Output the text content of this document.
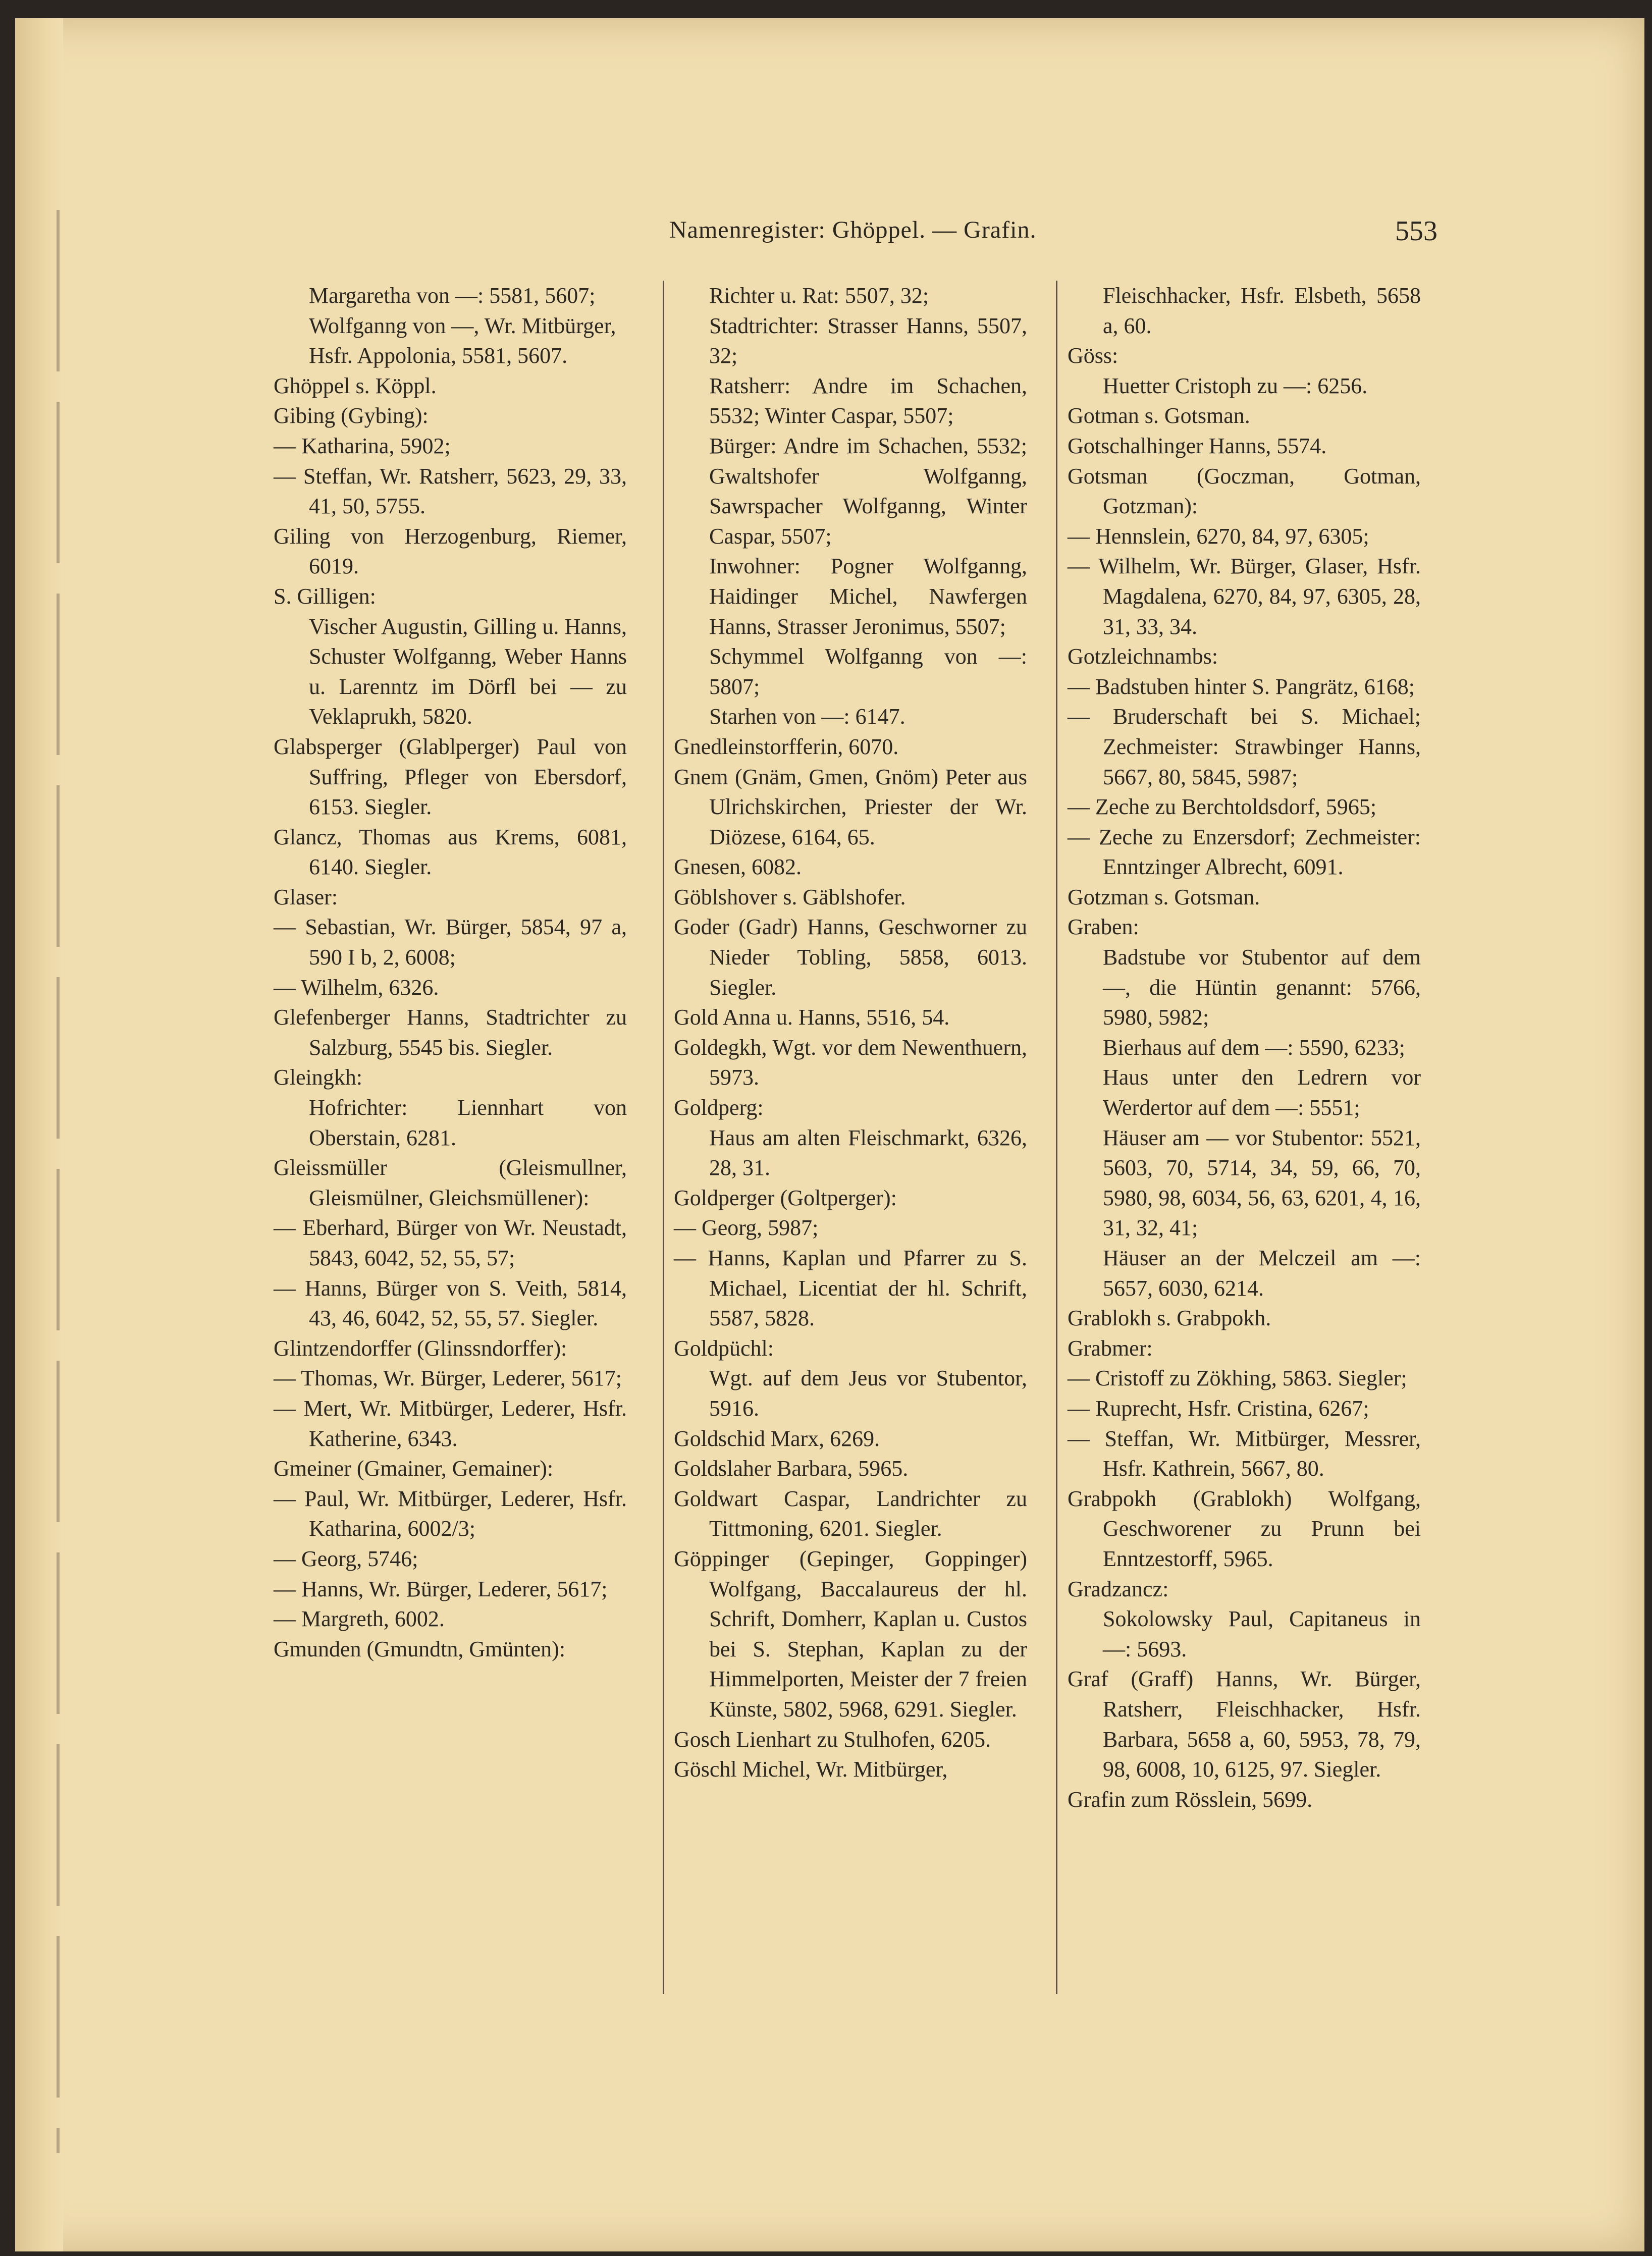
Namenregister: Ghöppel. — Grafin.	553
Margaretha von —: 5581, 5607;
Wolfganng von —, Wr. Mitbürger,
Hsfr. Appolonia, 5581, 5607.
Ghöppel s. Köppl.
Gibing (Gybing):
— Katharina, 5902;
— Steffan, Wr. Ratsherr, 5623, 29, 33, 41, 50, 5755.
Giling von Herzogenburg, Riemer, 6019.
S. Gilligen:
Vischer Augustin, Gilling u. Hanns, Schuster Wolfganng, Weber Hanns u. Larenntz im Dörfl bei — zu Veklaprukh, 5820.
Glabsperger (Glablperger) Paul von Suffring, Pfleger von Ebersdorf, 6153. Siegler.
Glancz, Thomas aus Krems, 6081, 6140. Siegler.
Glaser:
— Sebastian, Wr. Bürger, 5854, 97 a, 590 I b, 2, 6008;
— Wilhelm, 6326.
Glefenberger Hanns, Stadtrichter zu Salzburg, 5545 bis. Siegler.
Gleingkh:
Hofrichter: Liennhart von Oberstain, 6281.
Gleissmüller (Gleismullner, Gleismülner, Gleichsmüllener):
— Eberhard, Bürger von Wr. Neustadt, 5843, 6042, 52, 55, 57;
— Hanns, Bürger von S. Veith, 5814, 43, 46, 6042, 52, 55, 57. Siegler.
Glintzendorffer (Glinssndorffer):
— Thomas, Wr. Bürger, Lederer, 5617;
— Mert, Wr. Mitbürger, Lederer, Hsfr. Katherine, 6343.
Gmeiner (Gmainer, Gemainer):
— Paul, Wr. Mitbürger, Lederer, Hsfr. Katharina, 6002/3;
— Georg, 5746;
— Hanns, Wr. Bürger, Lederer, 5617;
— Margreth, 6002.
Gmunden (Gmundtn, Gmünten):
Richter u. Rat: 5507, 32;
Stadtrichter: Strasser Hanns, 5507, 32;
Ratsherr: Andre im Schachen, 5532; Winter Caspar, 5507;
Bürger: Andre im Schachen, 5532; Gwaltshofer Wolfganng, Sawrspacher Wolfganng, Winter Caspar, 5507;
Inwohner: Pogner Wolfganng, Haidinger Michel, Nawfergen Hanns, Strasser Jeronimus, 5507;
Schymmel Wolfganng von —: 5807;
Starhen von —: 6147.
Gnedleinstorfferin, 6070.
Gnem (Gnäm, Gmen, Gnöm) Peter aus Ulrichskirchen, Priester der Wr. Diözese, 6164, 65.
Gnesen, 6082.
Göblshover s. Gäblshofer.
Goder (Gadr) Hanns, Geschworner zu Nieder Tobling, 5858, 6013. Siegler.
Gold Anna u. Hanns, 5516, 54.
Goldegkh, Wgt. vor dem Newenthuern, 5973.
Goldperg:
Haus am alten Fleischmarkt, 6326, 28, 31.
Goldperger (Goltperger):
— Georg, 5987;
— Hanns, Kaplan und Pfarrer zu S. Michael, Licentiat der hl. Schrift, 5587, 5828.
Goldpüchl:
Wgt. auf dem Jeus vor Stubentor, 5916.
Goldschid Marx, 6269.
Goldslaher Barbara, 5965.
Goldwart Caspar, Landrichter zu Tittmoning, 6201. Siegler.
Göppinger (Gepinger, Goppinger) Wolfgang, Baccalaureus der hl. Schrift, Domherr, Kaplan u. Custos bei S. Stephan, Kaplan zu der Himmelporten, Meister der 7 freien Künste, 5802, 5968, 6291. Siegler.
Gosch Lienhart zu Stulhofen, 6205.
Göschl Michel, Wr. Mitbürger,
Fleischhacker, Hsfr. Elsbeth, 5658 a, 60.
Göss:
Huetter Cristoph zu —: 6256.
Gotman s. Gotsman.
Gotschalhinger Hanns, 5574.
Gotsman (Goczman, Gotman, Gotzman):
— Hennslein, 6270, 84, 97, 6305;
— Wilhelm, Wr. Bürger, Glaser, Hsfr. Magdalena, 6270, 84, 97, 6305, 28, 31, 33, 34.
Gotzleichnambs:
— Badstuben hinter S. Pangrätz, 6168;
— Bruderschaft bei S. Michael; Zechmeister: Strawbinger Hanns, 5667, 80, 5845, 5987;
— Zeche zu Berchtoldsdorf, 5965;
— Zeche zu Enzersdorf; Zechmeister: Enntzinger Albrecht, 6091.
Gotzman s. Gotsman.
Graben:
Badstube vor Stubentor auf dem —, die Hüntin genannt: 5766, 5980, 5982;
Bierhaus auf dem —: 5590, 6233;
Haus unter den Ledrern vor Werdertor auf dem —: 5551;
Häuser am — vor Stubentor: 5521, 5603, 70, 5714, 34, 59, 66, 70, 5980, 98, 6034, 56, 63, 6201, 4, 16, 31, 32, 41;
Häuser an der Melczeil am —: 5657, 6030, 6214.
Grablokh s. Grabpokh.
Grabmer:
— Cristoff zu Zökhing, 5863. Siegler;
— Ruprecht, Hsfr. Cristina, 6267;
— Steffan, Wr. Mitbürger, Messrer, Hsfr. Kathrein, 5667, 80.
Grabpokh (Grablokh) Wolfgang, Geschworener zu Prunn bei Enntzestorff, 5965.
Gradzancz:
Sokolowsky Paul, Capitaneus in —: 5693.
Graf (Graff) Hanns, Wr. Bürger, Ratsherr, Fleischhacker, Hsfr. Barbara, 5658 a, 60, 5953, 78, 79, 98, 6008, 10, 6125, 97. Siegler.
Grafin zum Rösslein, 5699.
